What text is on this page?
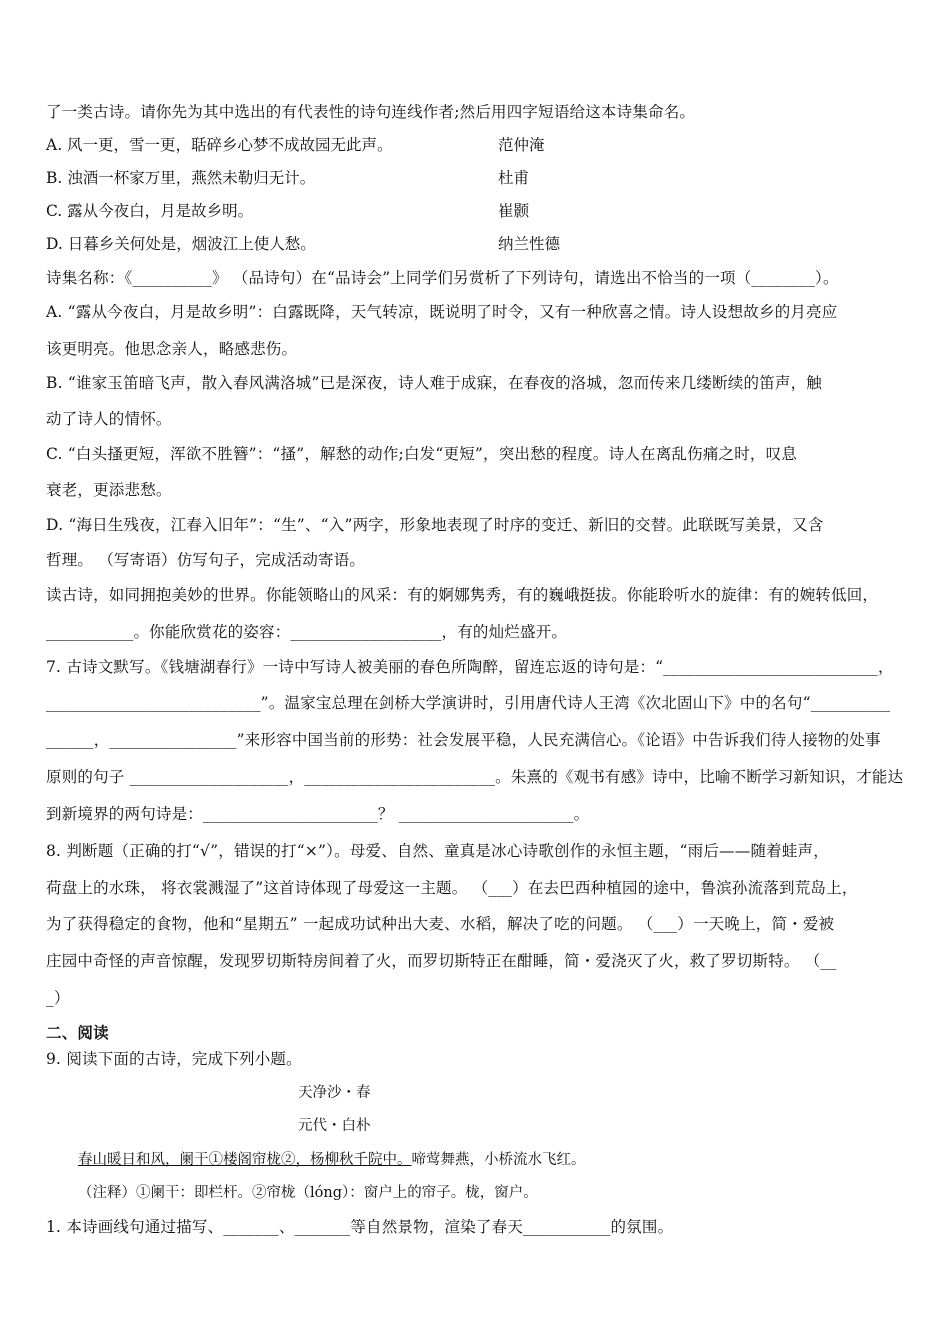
了一类古诗。请你先为其中选出的有代表性的诗句连线作者;然后用四字短语给这本诗集命名。
A. 风一更，雪一更，聒碎乡心梦不成故园无此声。	范仲淹
B. 浊酒一杯家万里，燕然未勒归无计。	杜甫
C. 露从今夜白，月是故乡明。	崔颢
D. 日暮乡关何处是，烟波江上使人愁。	纳兰性德
诗集名称：《__________》 （品诗句）在“品诗会”上同学们另赏析了下列诗句，请选出不恰当的一项（________）。
A. “露从今夜白，月是故乡明”：白露既降，天气转凉，既说明了时令，又有一种欣喜之情。诗人设想故乡的月亮应
该更明亮。他思念亲人，略感悲伤。
B. “谁家玉笛暗飞声，散入春风满洛城”已是深夜，诗人难于成寐，在春夜的洛城，忽而传来几缕断续的笛声，触
动了诗人的情怀。
C. “白头搔更短，浑欲不胜簪”：“搔”，解愁的动作;白发“更短”，突出愁的程度。诗人在离乱伤痛之时，叹息
衰老，更添悲愁。
D. “海日生残夜，江春入旧年”：“生”、“入”两字，形象地表现了时序的变迁、新旧的交替。此联既写美景，又含
哲理。 （写寄语）仿写句子，完成活动寄语。
读古诗，如同拥抱美妙的世界。你能领略山的风采：有的婀娜隽秀，有的巍峨挺拔。你能聆听水的旋律：有的婉转低回，
___________。你能欣赏花的姿容：___________________，有的灿烂盛开。
7. 古诗文默写。《钱塘湖春行》一诗中写诗人被美丽的春色所陶醉，留连忘返的诗句是：“___________________________，
___________________________”。温家宝总理在剑桥大学演讲时，引用唐代诗人王湾《次北固山下》中的名句“__________
______，________________”来形容中国当前的形势：社会发展平稳，人民充满信心。《论语》中告诉我们待人接物的处事
原则的句子 ____________________，________________________。朱熹的《观书有感》诗中，比喻不断学习新知识，才能达
到新境界的两句诗是：______________________？ ______________________。
8. 判断题（正确的打“√”，错误的打“×”）。母爱、自然、童真是冰心诗歌创作的永恒主题，“雨后——随着蛙声，
荷盘上的水珠， 将衣裳溅湿了”这首诗体现了母爱这一主题。 （___）在去巴西种植园的途中，鲁滨孙流落到荒岛上，
为了获得稳定的食物，他和“星期五” 一起成功试种出大麦、水稻，解决了吃的问题。 （___）一天晚上，简・爱被
庄园中奇怪的声音惊醒，发现罗切斯特房间着了火，而罗切斯特正在酣睡，简・爱浇灭了火，救了罗切斯特。 （__
_）
二、阅读
9. 阅读下面的古诗，完成下列小题。
天净沙・春
元代・白朴
春山暖日和风，阑干①楼阁帘栊②，杨柳秋千院中。啼莺舞燕，小桥流水飞红。
（注释）①阑干：即栏杆。②帘栊（lóng）：窗户上的帘子。栊，窗户。
1. 本诗画线句通过描写、_______、_______等自然景物，渲染了春天___________的氛围。
